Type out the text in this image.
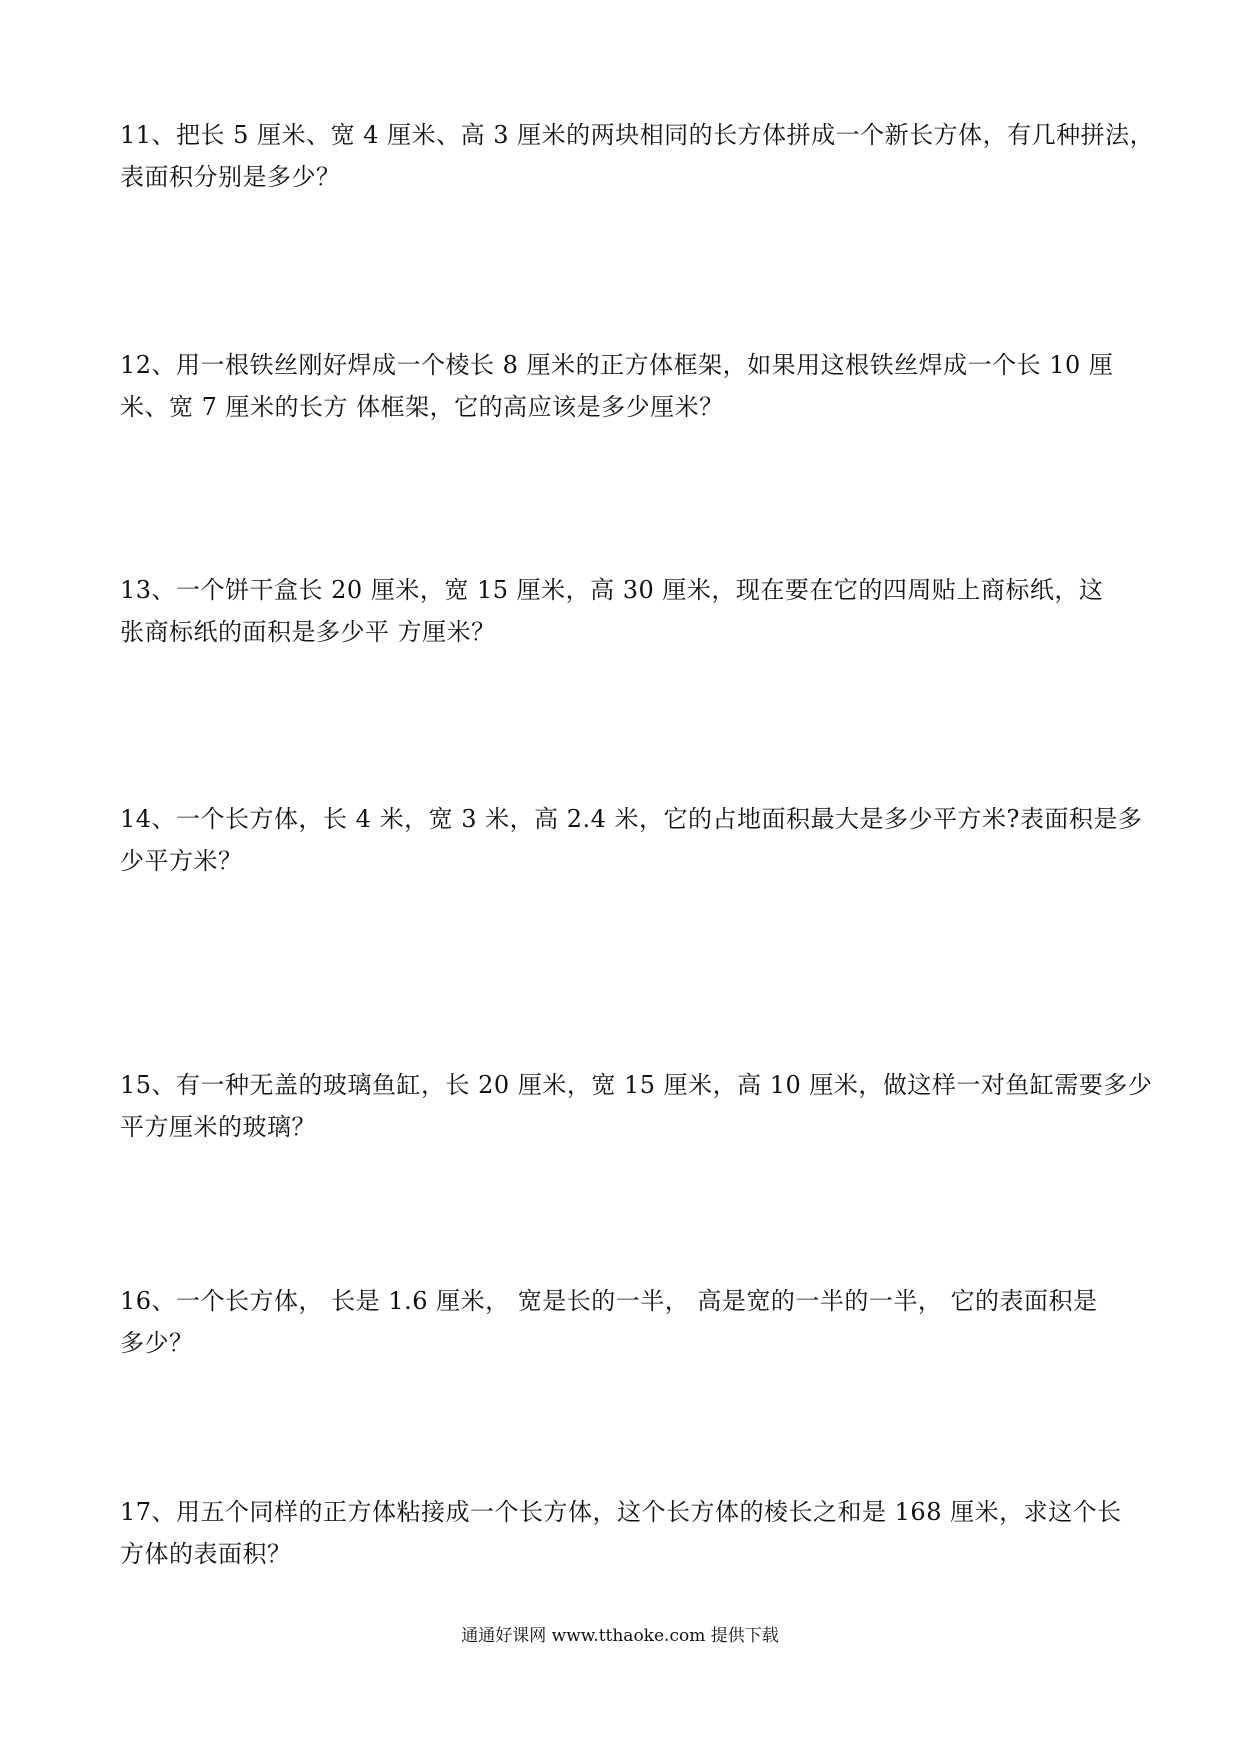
11、把长 5 厘米、宽 4 厘米、高 3 厘米的两块相同的长方体拼成一个新长方体，有几种拼法，
表面积分别是多少？
12、用一根铁丝刚好焊成一个棱长 8 厘米的正方体框架，如果用这根铁丝焊成一个长 10 厘
米、宽 7 厘米的长方 体框架，它的高应该是多少厘米？
13、一个饼干盒长 20 厘米，宽 15 厘米，高 30 厘米，现在要在它的四周贴上商标纸，这
张商标纸的面积是多少平 方厘米？
14、一个长方体，长 4 米，宽 3 米，高 2.4 米，它的占地面积最大是多少平方米?表面积是多
少平方米？
15、有一种无盖的玻璃鱼缸，长 20 厘米，宽 15 厘米，高 10 厘米，做这样一对鱼缸需要多少
平方厘米的玻璃？
16、一个长方体， 长是 1.6 厘米， 宽是长的一半， 高是宽的一半的一半， 它的表面积是
多少？
17、用五个同样的正方体粘接成一个长方体，这个长方体的棱长之和是 168 厘米，求这个长
方体的表面积？
通通好课网 www.tthaoke.com 提供下载
